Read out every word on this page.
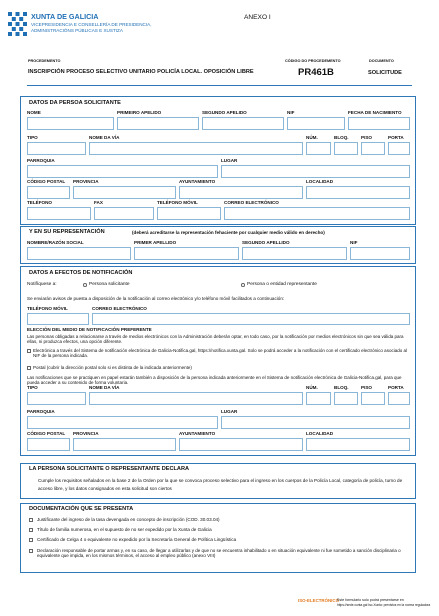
XUNTA DE GALICIA
VICEPRESIDENCIA E CONSELLERÍA DE PRESIDENCIA,
ADMINISTRACIÓNS PÚBLICAS E XUSTIZA
ANEXO I
PROCEDEMENTO
INSCRIPCIÓN PROCESO SELECTIVO UNITARIO POLICÍA LOCAL. OPOSICIÓN LIBRE
CÓDIGO DO PROCEDEMENTO
PR461B
DOCUMENTO
SOLICITUDE
DATOS DA PERSOA SOLICITANTE
NOME	PRIMEIRO APELIDO	SEGUNDO APELIDO	NIF	FECHA DE NACIMIENTO
TIPO	NOME DA VÍA	NÚM.	BLOQ.	PISO	PORTA
PARROQUIA	LUGAR
CÓDIGO POSTAL PROVINCIA	AYUNTAMIENTO	LOCALIDAD
TELÉFONO	FAX	TELÉFONO MÓVIL	CORREO ELECTRÓNICO
Y EN SU REPRESENTACIÓN	(deberá acreditarse la representación fehaciente por cualquier medio válido en derecho)
NOMBRE/RAZÓN SOCIAL	PRIMER APELLIDO	SEGUNDO APELLIDO	NIF
DATOS A EFECTOS DE NOTIFICACIÓN
Notifíquese a:	Persona solicitante	Persona o entidad representante
Se enviarán avisos de puesta a disposición de la notificación al correo electrónico y/o teléfono móvil facilitados a continuación:
TELÉFONO MÓVIL	CORREO ELECTRÓNICO
ELECCIÓN DEL MEDIO DE NOTIFICACIÓN PREFERENTE
Las personas obligadas a relacionarse a través de medios electrónicos con la Administración deberán optar, en todo caso, por la notificación por medios electrónicos sin que sea válida para ellas, ni produzca efectos, una opción diferente.
Electrónica a través del Sistema de notificación electrónica de Galicia-Notifica.gal, https://notifica.xunta.gal. Solo se podrá acceder a la notificación con el certificado electrónico asociado al NIF de la persona indicada.
Postal (cubrir la dirección postal solo si es distinta de la indicada anteriormente)
Las notificaciones que se practiquen en papel estarán también a disposición de la persona indicada anteriormente en el Sistema de notificación electrónica de Galicia-Notifica.gal, para que pueda acceder a su contenido de forma voluntaria.
TIPO	NOME DA VÍA	NÚM.	BLOQ.	PISO	PORTA
PARROQUIA	LUGAR
CÓDIGO POSTAL PROVINCIA	AYUNTAMIENTO	LOCALIDAD
LA PERSONA SOLICITANTE O REPRESENTANTE DECLARA
Cumple los requisitos señalados en la base 2 de la Orden por la que se convoca proceso selectivo para el ingreso en los cuerpos de la Policía Local, categoría de policía, turno de acceso libre, y los datos consignados en esta solicitud son ciertos
DOCUMENTACIÓN QUE SE PRESENTA
Justificante del ingreso de la tasa devengada en concepto de inscripción (COD. 30.03.04)
Título de familia numerosa, en el supuesto de no ser expedido por la Xunta de Galicia
Certificado de Celga 4 o equivalente no expedido por la Secretaría General de Política Lingüística
Declaración responsable de portar armas y, en su caso, de llegar a utilizarlas y de que no se encuentra inhabilitado o en situación equivalente ni fue sometido a sanción disciplinaria o equivalente que impida, en los mismos términos, el acceso al empleo público (anexo VIII)
ISO-ELECTRÓNICO
Este formulario solo podrá presentarse en
https://sede.xunta.gal Iso-Xunta: previstos en la norma reguladora
